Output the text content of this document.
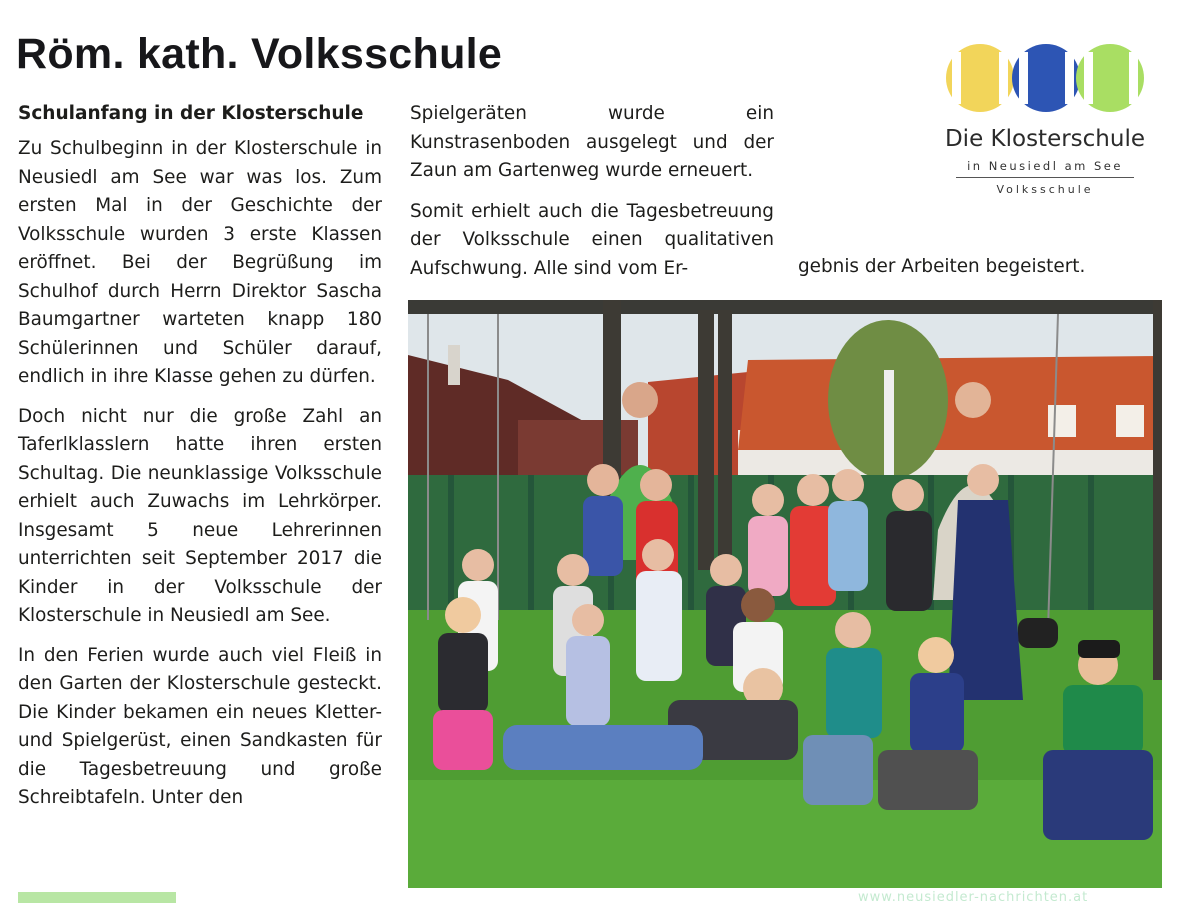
Röm. kath. Volksschule
Schulanfang in der Klosterschule

Zu Schulbeginn in der Klosterschule in Neusiedl am See war was los. Zum ersten Mal in der Geschichte der Volksschule wurden 3 erste Klassen eröffnet. Bei der Begrüßung im Schulhof durch Herrn Direktor Sascha Baumgartner warteten knapp 180 Schülerinnen und Schüler darauf, endlich in ihre Klasse gehen zu dürfen.

Doch nicht nur die große Zahl an Taferlklasslern hatte ihren ersten Schultag. Die neunklassige Volksschule erhielt auch Zuwachs im Lehrkörper. Insgesamt 5 neue Lehrerinnen unterrichten seit September 2017 die Kinder in der Volksschule der Klosterschule in Neusiedl am See.

In den Ferien wurde auch viel Fleiß in den Garten der Klosterschule gesteckt. Die Kinder bekamen ein neues Kletter- und Spielgerüst, einen Sandkasten für die Tagesbetreuung und große Schreibtafeln. Unter den

Spielgeräten wurde ein Kunstrasenboden ausgelegt und der Zaun am Gartenweg wurde erneuert.

Somit erhielt auch die Tagesbetreuung der Volksschule einen qualitativen Aufschwung. Alle sind vom Er-	gebnis der Arbeiten begeistert.

Die Klosterschule
in Neusiedl am See
Volksschule
www.neusiedler-nachrichten.at
